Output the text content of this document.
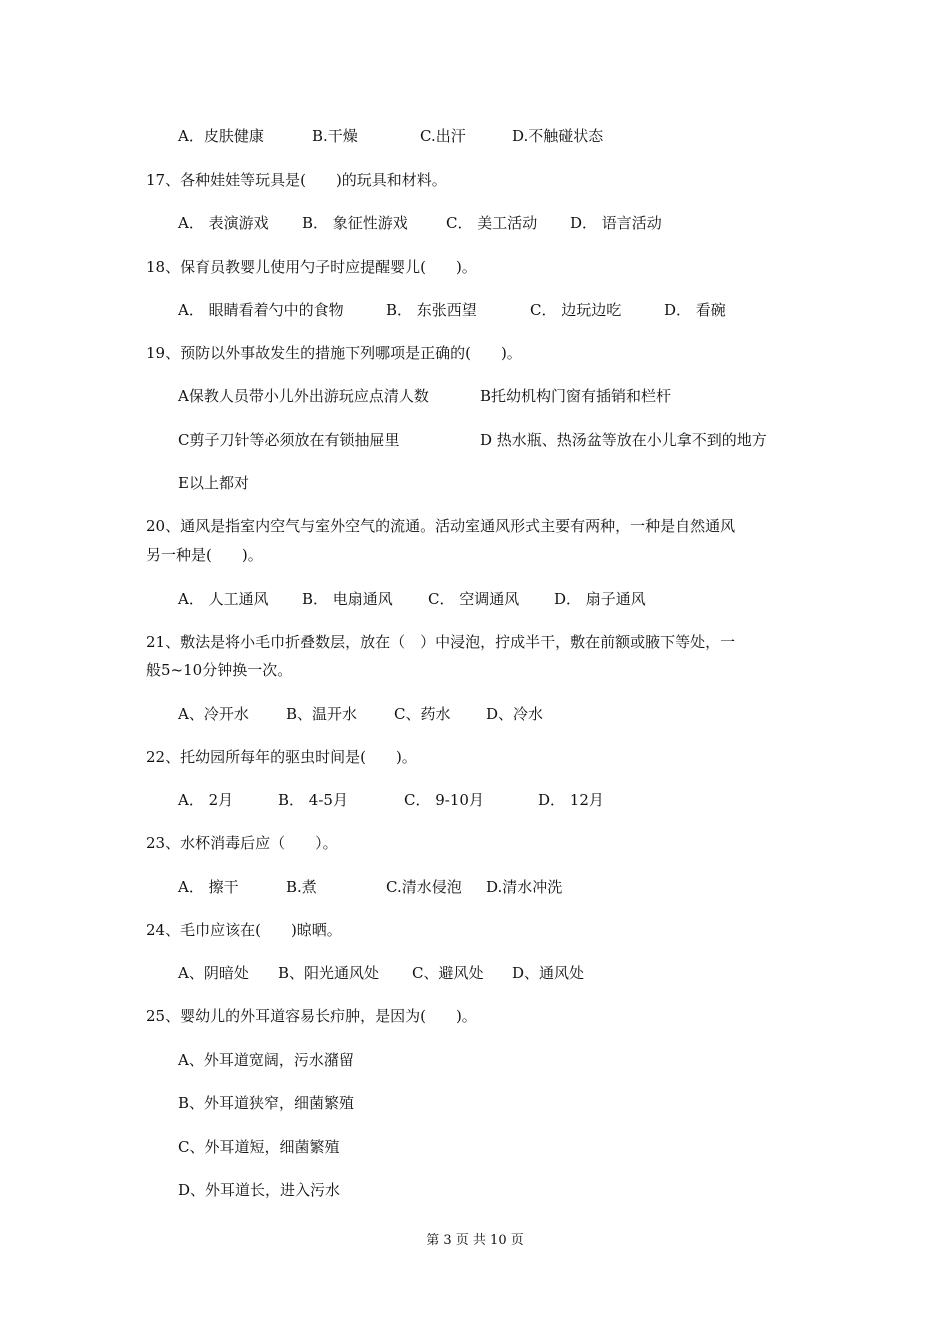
A．皮肤健康	B.干燥	C.出汗	D.不触碰状态
17、各种娃娃等玩具是(　　)的玩具和材料。
A． 表演游戏 B． 象征性游戏	C． 美工活动 D． 语言活动
18、保育员教婴儿使用勺子时应提醒婴儿(　　)。
A． 眼睛看着勺中的食物	B． 东张西望	C． 边玩边吃	D． 看碗
19、预防以外事故发生的措施下列哪项是正确的(　　)。
A保教人员带小儿外出游玩应点清人数	B托幼机构门窗有插销和栏杆
C剪子刀针等必须放在有锁抽屉里	D 热水瓶、热汤盆等放在小儿拿不到的地方
E以上都对
20、通风是指室内空气与室外空气的流通。活动室通风形式主要有两种，一种是自然通风
另一种是(　　)。
A． 人工通风 B． 电扇通风 C． 空调通风 D． 扇子通风
21、敷法是将小毛巾折叠数层，放在（　）中浸泡，拧成半干，敷在前额或腋下等处，一
般5~10分钟换一次。
A、冷开水 B、温开水 C、药水 D、冷水
22、托幼园所每年的驱虫时间是(　　)。
A． 2月	B． 4-5月	C． 9-10月	D． 12月
23、水杯消毒后应（　　）。
A． 擦干	B.煮	C.清水侵泡 D.清水冲洗
24、毛巾应该在(　　)晾晒。
A、阴暗处 B、阳光通风处 C、避风处 D、通风处
25、婴幼儿的外耳道容易长疖肿，是因为(　　)。
A、外耳道宽阔，污水潴留
B、外耳道狭窄，细菌繁殖
C、外耳道短，细菌繁殖
D、外耳道长，进入污水
第 3 页 共 10 页
